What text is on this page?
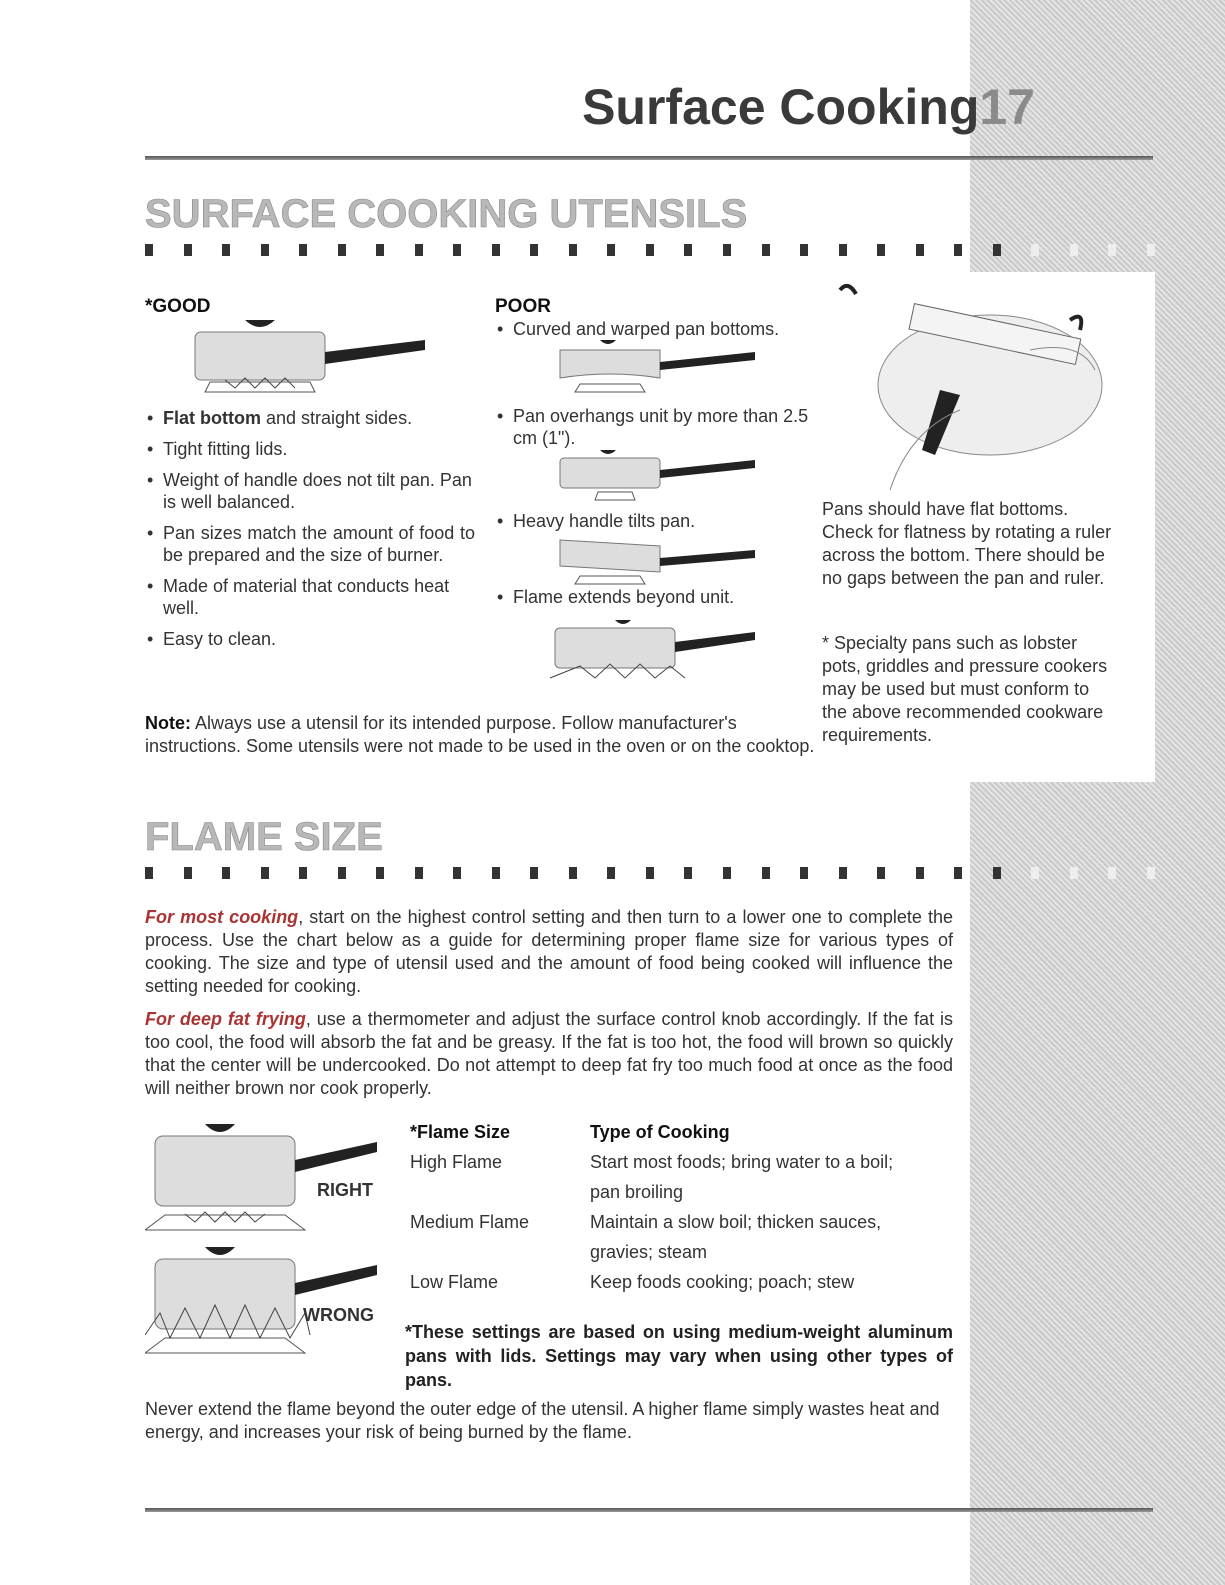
Surface Cooking17
SURFACE COOKING UTENSILS
*GOOD
• Flat bottom and straight sides.
• Tight fitting lids.
• Weight of handle does not tilt pan. Pan is well balanced.
• Pan sizes match the amount of food to be prepared and the size of burner.
• Made of material that conducts heat well.
• Easy to clean.
POOR
• Curved and warped pan bottoms.
• Pan overhangs unit by more than 2.5 cm (1").
• Heavy handle tilts pan.
• Flame extends beyond unit.
Note: Always use a utensil for its intended purpose. Follow manufacturer's instructions. Some utensils were not made to be used in the oven or on the cooktop.
Pans should have flat bottoms. Check for flatness by rotating a ruler across the bottom. There should be no gaps between the pan and ruler.
* Specialty pans such as lobster pots, griddles and pressure cookers may be used but must conform to the above recommended cookware requirements.
FLAME SIZE
For most cooking, start on the highest control setting and then turn to a lower one to complete the process. Use the chart below as a guide for determining proper flame size for various types of cooking. The size and type of utensil used and the amount of food being cooked will influence the setting needed for cooking.
For deep fat frying, use a thermometer and adjust the surface control knob accordingly. If the fat is too cool, the food will absorb the fat and be greasy. If the fat is too hot, the food will brown so quickly that the center will be undercooked. Do not attempt to deep fat fry too much food at once as the food will neither brown nor cook properly.
RIGHT
WRONG
*Flame Size	Type of Cooking
High Flame	Start most foods; bring water to a boil;
pan broiling
Medium Flame	Maintain a slow boil; thicken sauces,
gravies; steam
Low Flame	Keep foods cooking; poach; stew
*These settings are based on using medium-weight aluminum pans with lids. Settings may vary when using other types of pans.
Never extend the flame beyond the outer edge of the utensil. A higher flame simply wastes heat and energy, and increases your risk of being burned by the flame.
